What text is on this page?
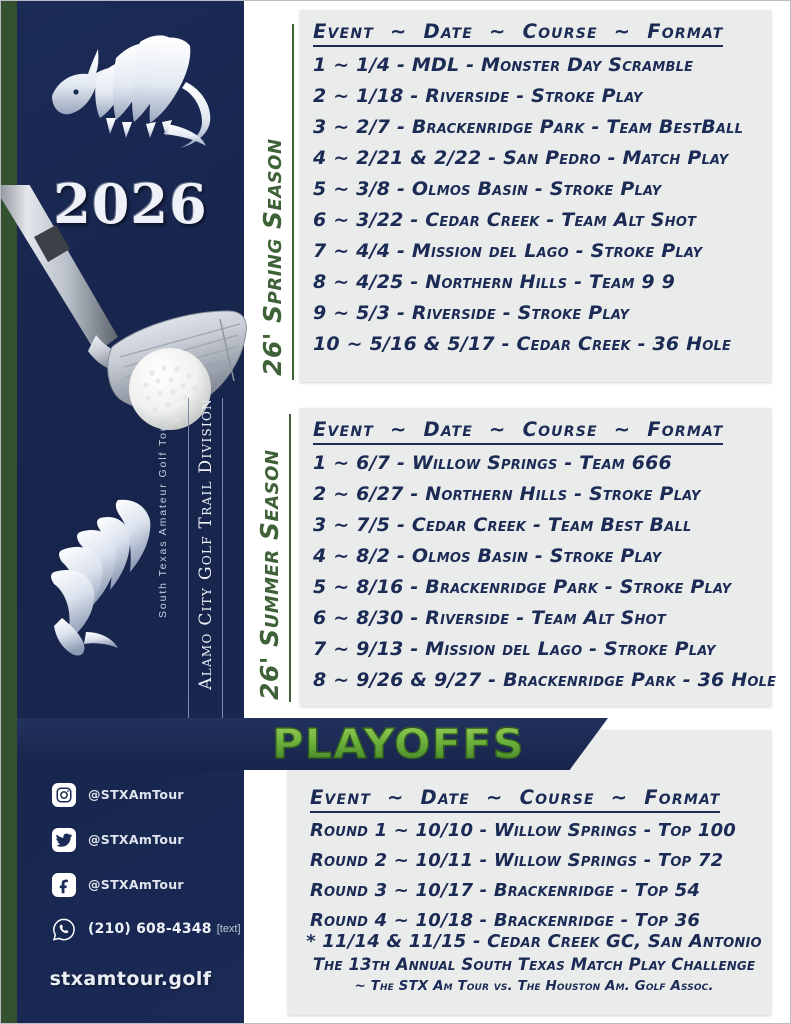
2026
South Texas Amateur Golf Tour Alamo City Golf Trail Division
@STXAmTour
@STXAmTour
@STXAmTour
(210) 608-4348 [text]
stxamtour.golf
26' Spring Season
Event  ~  Date  ~  Course  ~  Format
1 ~ 1/4 - MDL - Monster Day Scramble
2 ~ 1/18 - Riverside - Stroke Play
3 ~ 2/7 - Brackenridge Park - Team BestBall
4 ~ 2/21 & 2/22 - San Pedro - Match Play
5 ~ 3/8 - Olmos Basin - Stroke Play
6 ~ 3/22 - Cedar Creek - Team Alt Shot
7 ~ 4/4 - Mission del Lago - Stroke Play
8 ~ 4/25 - Northern Hills - Team 9 9
9 ~ 5/3 - Riverside - Stroke Play
10 ~ 5/16 & 5/17 - Cedar Creek - 36 Hole
26' Summer Season
Event  ~  Date  ~  Course  ~  Format
1 ~ 6/7 - Willow Springs - Team 666
2 ~ 6/27 - Northern Hills - Stroke Play
3 ~ 7/5 - Cedar Creek - Team Best Ball
4 ~ 8/2 - Olmos Basin - Stroke Play
5 ~ 8/16 - Brackenridge Park - Stroke Play
6 ~ 8/30 - Riverside - Team Alt Shot
7 ~ 9/13 - Mission del Lago - Stroke Play
8 ~ 9/26 & 9/27 - Brackenridge Park - 36 Hole
PLAYOFFS
Event  ~  Date  ~  Course  ~  Format
Round 1 ~ 10/10 - Willow Springs - Top 100
Round 2 ~ 10/11 - Willow Springs - Top 72
Round 3 ~ 10/17 - Brackenridge - Top 54
Round 4 ~ 10/18 - Brackenridge - Top 36
* 11/14 & 11/15 - Cedar Creek GC, San Antonio
The 13th Annual South Texas Match Play Challenge
~ The STX Am Tour vs. The Houston Am. Golf Assoc.
